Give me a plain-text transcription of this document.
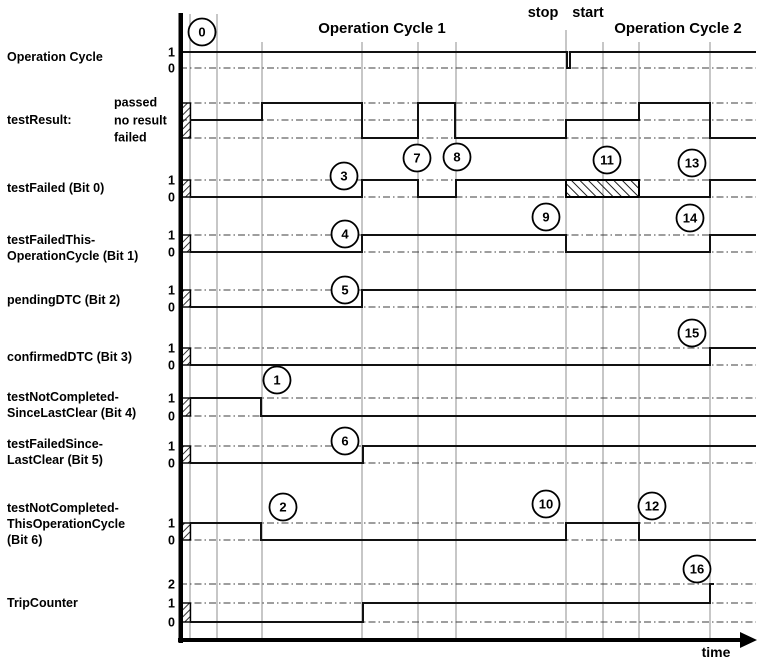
1
0
passed
no result
failed
1
0
1
0
1
0
1
0
1
0
1
0
1
0
2
1
0
0
1
2
3
4
5
6
7	8
9
10
11
12
13
14
15
16
Operation Cycle
testResult:
testFailed (Bit 0)
testFailedThis-
OperationCycle (Bit 1)
pendingDTC (Bit 2)
confirmedDTC (Bit 3)
testNotCompleted-
SinceLastClear (Bit 4)
testFailedSince-
LastClear (Bit 5)
testNotCompleted-
ThisOperationCycle
(Bit 6)
TripCounter
Operation Cycle 1
stop start
Operation Cycle 2
time
